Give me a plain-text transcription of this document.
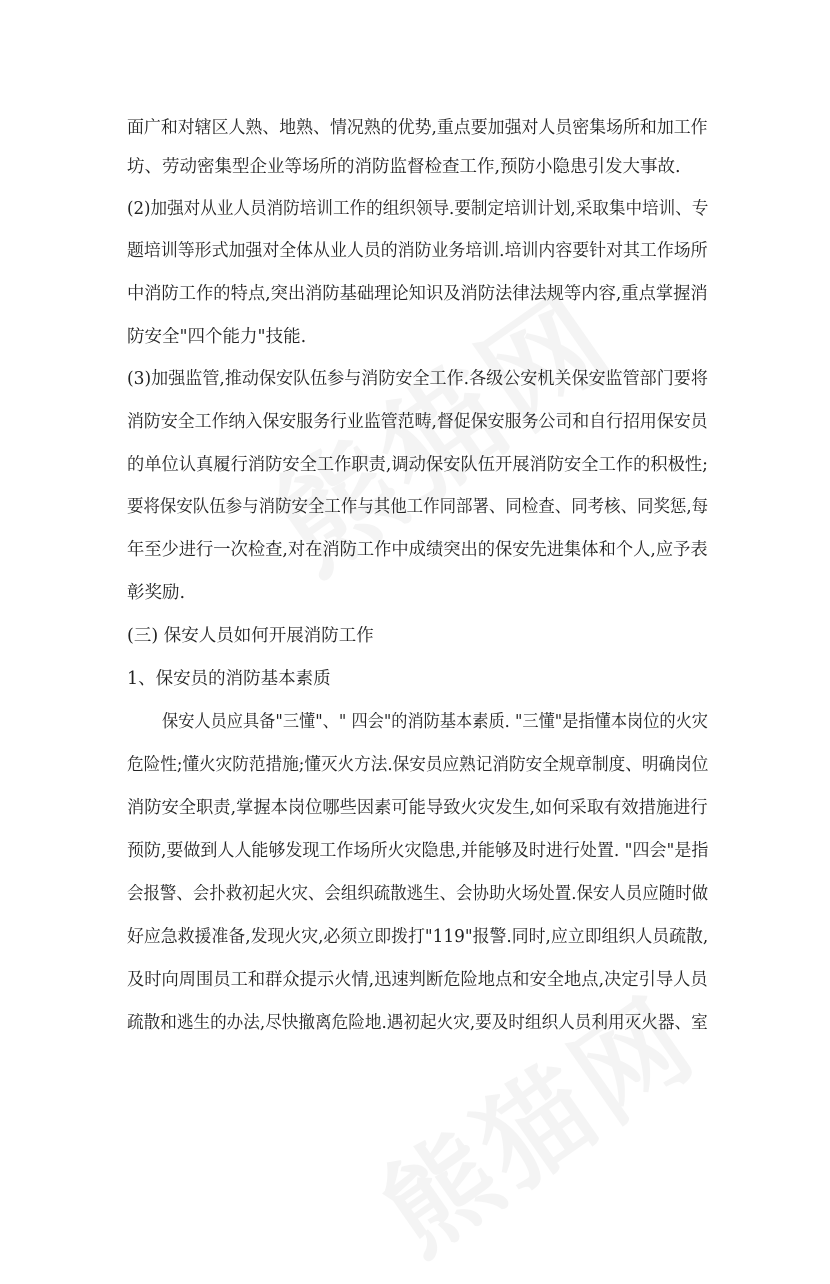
面广和对辖区人熟、地熟、情况熟的优势,重点要加强对人员密集场所和加工作
坊、劳动密集型企业等场所的消防监督检查工作,预防小隐患引发大事故.
(2)加强对从业人员消防培训工作的组织领导.要制定培训计划,采取集中培训、专
题培训等形式加强对全体从业人员的消防业务培训.培训内容要针对其工作场所
中消防工作的特点,突出消防基础理论知识及消防法律法规等内容,重点掌握消
防安全"四个能力"技能.
(3)加强监管,推动保安队伍参与消防安全工作.各级公安机关保安监管部门要将
消防安全工作纳入保安服务行业监管范畴,督促保安服务公司和自行招用保安员
的单位认真履行消防安全工作职责,调动保安队伍开展消防安全工作的积极性;
要将保安队伍参与消防安全工作与其他工作同部署、同检查、同考核、同奖惩,每
年至少进行一次检查,对在消防工作中成绩突出的保安先进集体和个人,应予表
彰奖励.
(三) 保安人员如何开展消防工作
1、保安员的消防基本素质
保安人员应具备"三懂"、" 四会"的消防基本素质. "三懂"是指懂本岗位的火灾
危险性;懂火灾防范措施;懂灭火方法.保安员应熟记消防安全规章制度、明确岗位
消防安全职责,掌握本岗位哪些因素可能导致火灾发生,如何采取有效措施进行
预防,要做到人人能够发现工作场所火灾隐患,并能够及时进行处置. "四会"是指
会报警、会扑救初起火灾、会组织疏散逃生、会协助火场处置.保安人员应随时做
好应急救援准备,发现火灾,必须立即拨打"119"报警.同时,应立即组织人员疏散,
及时向周围员工和群众提示火情,迅速判断危险地点和安全地点,决定引导人员
疏散和逃生的办法,尽快撤离危险地.遇初起火灾,要及时组织人员利用灭火器、室
